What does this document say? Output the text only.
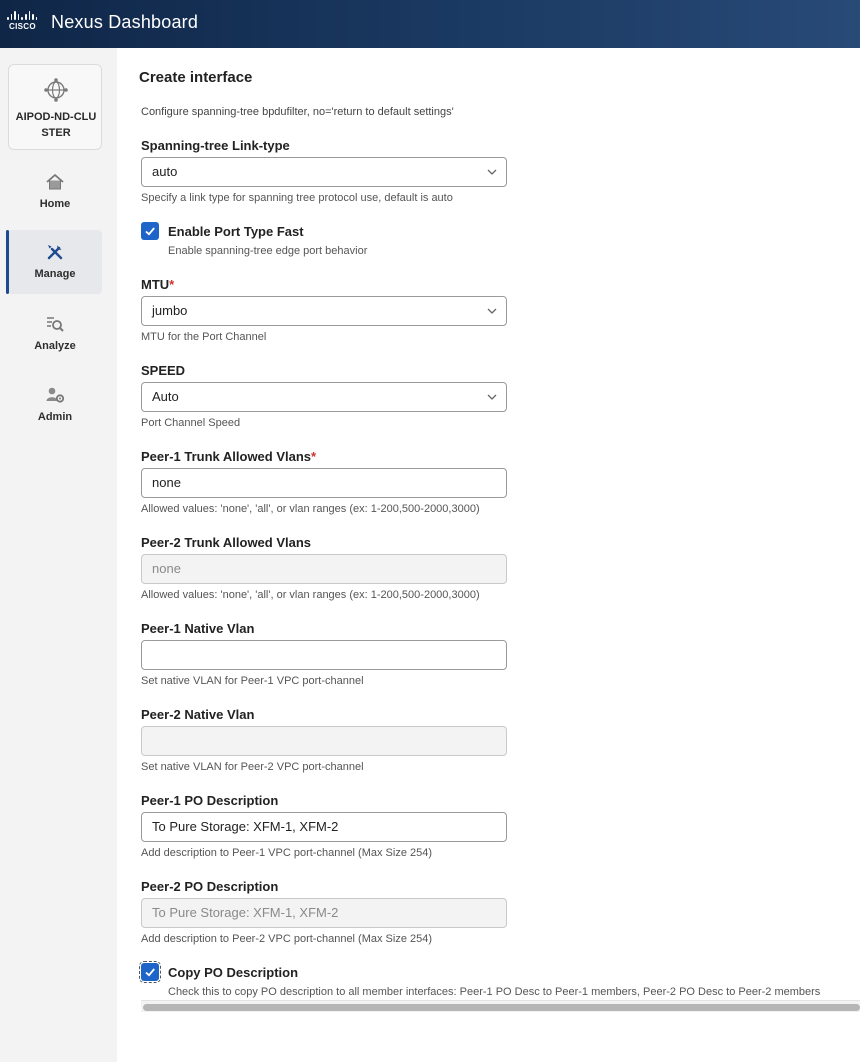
CISCO Nexus Dashboard
AIPOD-ND-CLUSTER
Home
Manage
Analyze
Admin
Create interface
Configure spanning-tree bpdufilter, no='return to default settings'
Spanning-tree Link-type
auto
Specify a link type for spanning tree protocol use, default is auto
Enable Port Type Fast
Enable spanning-tree edge port behavior
MTU*
jumbo
MTU for the Port Channel
SPEED
Auto
Port Channel Speed
Peer-1 Trunk Allowed Vlans*
none
Allowed values: 'none', 'all', or vlan ranges (ex: 1-200,500-2000,3000)
Peer-2 Trunk Allowed Vlans
none
Allowed values: 'none', 'all', or vlan ranges (ex: 1-200,500-2000,3000)
Peer-1 Native Vlan
Set native VLAN for Peer-1 VPC port-channel
Peer-2 Native Vlan
Set native VLAN for Peer-2 VPC port-channel
Peer-1 PO Description
To Pure Storage: XFM-1, XFM-2
Add description to Peer-1 VPC port-channel (Max Size 254)
Peer-2 PO Description
To Pure Storage: XFM-1, XFM-2
Add description to Peer-2 VPC port-channel (Max Size 254)
Copy PO Description
Check this to copy PO description to all member interfaces: Peer-1 PO Desc to Peer-1 members, Peer-2 PO Desc to Peer-2 members
